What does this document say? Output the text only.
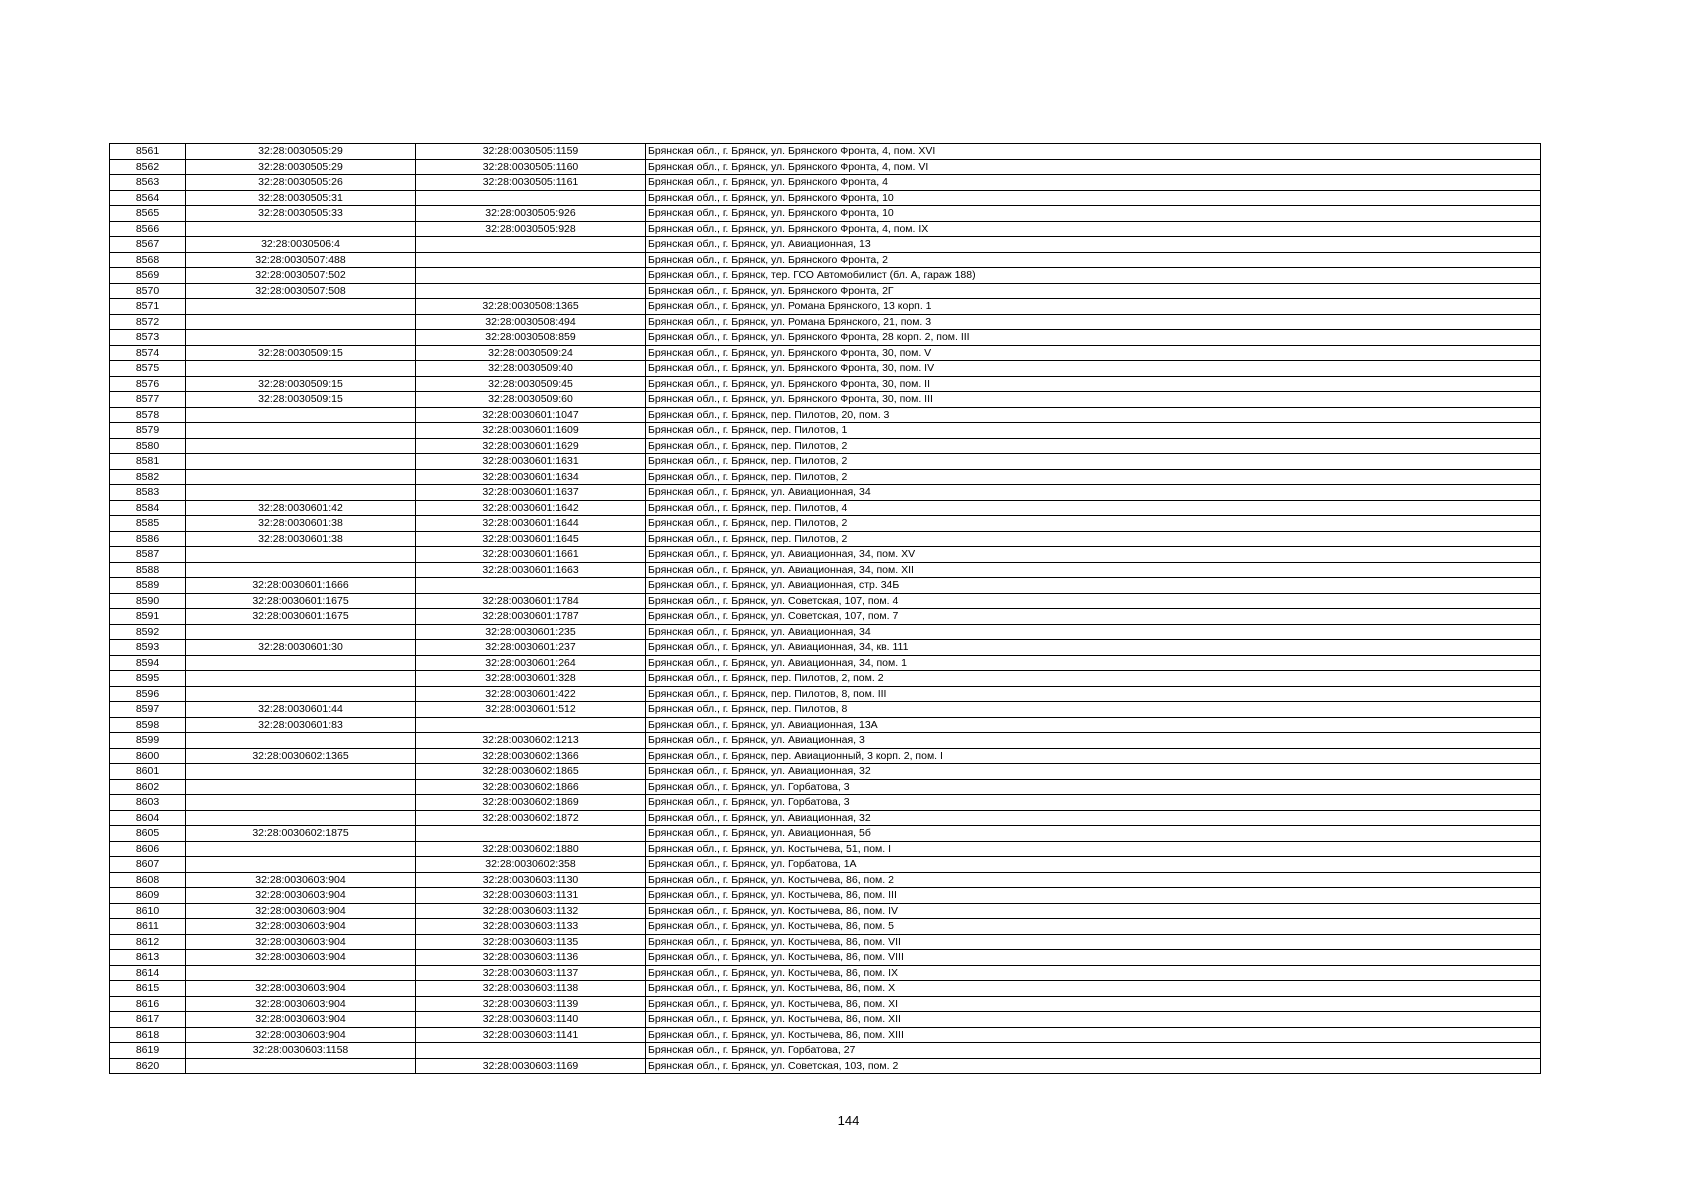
8561	32:28:0030505:29	32:28:0030505:1159	Брянская обл., г. Брянск, ул. Брянского Фронта, 4, пом. XVI
8562	32:28:0030505:29	32:28:0030505:1160	Брянская обл., г. Брянск, ул. Брянского Фронта, 4, пом. VI
8563	32:28:0030505:26	32:28:0030505:1161	Брянская обл., г. Брянск, ул. Брянского Фронта, 4
8564	32:28:0030505:31		Брянская обл., г. Брянск, ул. Брянского Фронта, 10
8565	32:28:0030505:33	32:28:0030505:926	Брянская обл., г. Брянск, ул. Брянского Фронта, 10
8566		32:28:0030505:928	Брянская обл., г. Брянск, ул. Брянского Фронта, 4, пом. IX
8567	32:28:0030506:4		Брянская обл., г. Брянск, ул. Авиационная, 13
8568	32:28:0030507:488		Брянская обл., г. Брянск, ул. Брянского Фронта, 2
8569	32:28:0030507:502		Брянская обл., г. Брянск, тер. ГСО Автомобилист (бл. А, гараж 188)
8570	32:28:0030507:508		Брянская обл., г. Брянск, ул. Брянского Фронта, 2Г
8571		32:28:0030508:1365	Брянская обл., г. Брянск, ул. Романа Брянского, 13 корп. 1
8572		32:28:0030508:494	Брянская обл., г. Брянск, ул. Романа Брянского, 21, пом. 3
8573		32:28:0030508:859	Брянская обл., г. Брянск, ул. Брянского Фронта, 28 корп. 2, пом. III
8574	32:28:0030509:15	32:28:0030509:24	Брянская обл., г. Брянск, ул. Брянского Фронта, 30, пом. V
8575		32:28:0030509:40	Брянская обл., г. Брянск, ул. Брянского Фронта, 30, пом. IV
8576	32:28:0030509:15	32:28:0030509:45	Брянская обл., г. Брянск, ул. Брянского Фронта, 30, пом. II
8577	32:28:0030509:15	32:28:0030509:60	Брянская обл., г. Брянск, ул. Брянского Фронта, 30, пом. III
8578		32:28:0030601:1047	Брянская обл., г. Брянск, пер. Пилотов, 20, пом. 3
8579		32:28:0030601:1609	Брянская обл., г. Брянск, пер. Пилотов, 1
8580		32:28:0030601:1629	Брянская обл., г. Брянск, пер. Пилотов, 2
8581		32:28:0030601:1631	Брянская обл., г. Брянск, пер. Пилотов, 2
8582		32:28:0030601:1634	Брянская обл., г. Брянск, пер. Пилотов, 2
8583		32:28:0030601:1637	Брянская обл., г. Брянск, ул. Авиационная, 34
8584	32:28:0030601:42	32:28:0030601:1642	Брянская обл., г. Брянск, пер. Пилотов, 4
8585	32:28:0030601:38	32:28:0030601:1644	Брянская обл., г. Брянск, пер. Пилотов, 2
8586	32:28:0030601:38	32:28:0030601:1645	Брянская обл., г. Брянск, пер. Пилотов, 2
8587		32:28:0030601:1661	Брянская обл., г. Брянск, ул. Авиационная, 34, пом. XV
8588		32:28:0030601:1663	Брянская обл., г. Брянск, ул. Авиационная, 34, пом. XII
8589	32:28:0030601:1666		Брянская обл., г. Брянск, ул. Авиационная, стр. 34Б
8590	32:28:0030601:1675	32:28:0030601:1784	Брянская обл., г. Брянск, ул. Советская, 107, пом. 4
8591	32:28:0030601:1675	32:28:0030601:1787	Брянская обл., г. Брянск, ул. Советская, 107, пом. 7
8592		32:28:0030601:235	Брянская обл., г. Брянск, ул. Авиационная, 34
8593	32:28:0030601:30	32:28:0030601:237	Брянская обл., г. Брянск, ул. Авиационная, 34, кв. 111
8594		32:28:0030601:264	Брянская обл., г. Брянск, ул. Авиационная, 34, пом. 1
8595		32:28:0030601:328	Брянская обл., г. Брянск, пер. Пилотов, 2, пом. 2
8596		32:28:0030601:422	Брянская обл., г. Брянск, пер. Пилотов, 8, пом. III
8597	32:28:0030601:44	32:28:0030601:512	Брянская обл., г. Брянск, пер. Пилотов, 8
8598	32:28:0030601:83		Брянская обл., г. Брянск, ул. Авиационная, 13А
8599		32:28:0030602:1213	Брянская обл., г. Брянск, ул. Авиационная, 3
8600	32:28:0030602:1365	32:28:0030602:1366	Брянская обл., г. Брянск, пер. Авиационный, 3 корп. 2, пом. I
8601		32:28:0030602:1865	Брянская обл., г. Брянск, ул. Авиационная, 32
8602		32:28:0030602:1866	Брянская обл., г. Брянск, ул. Горбатова, 3
8603		32:28:0030602:1869	Брянская обл., г. Брянск, ул. Горбатова, 3
8604		32:28:0030602:1872	Брянская обл., г. Брянск, ул. Авиационная, 32
8605	32:28:0030602:1875		Брянская обл., г. Брянск, ул. Авиационная, 5б
8606		32:28:0030602:1880	Брянская обл., г. Брянск, ул. Костычева, 51, пом. I
8607		32:28:0030602:358	Брянская обл., г. Брянск, ул. Горбатова, 1А
8608	32:28:0030603:904	32:28:0030603:1130	Брянская обл., г. Брянск, ул. Костычева, 86, пом. 2
8609	32:28:0030603:904	32:28:0030603:1131	Брянская обл., г. Брянск, ул. Костычева, 86, пом. III
8610	32:28:0030603:904	32:28:0030603:1132	Брянская обл., г. Брянск, ул. Костычева, 86, пом. IV
8611	32:28:0030603:904	32:28:0030603:1133	Брянская обл., г. Брянск, ул. Костычева, 86, пом. 5
8612	32:28:0030603:904	32:28:0030603:1135	Брянская обл., г. Брянск, ул. Костычева, 86, пом. VII
8613	32:28:0030603:904	32:28:0030603:1136	Брянская обл., г. Брянск, ул. Костычева, 86, пом. VIII
8614		32:28:0030603:1137	Брянская обл., г. Брянск, ул. Костычева, 86, пом. IX
8615	32:28:0030603:904	32:28:0030603:1138	Брянская обл., г. Брянск, ул. Костычева, 86, пом. X
8616	32:28:0030603:904	32:28:0030603:1139	Брянская обл., г. Брянск, ул. Костычева, 86, пом. XI
8617	32:28:0030603:904	32:28:0030603:1140	Брянская обл., г. Брянск, ул. Костычева, 86, пом. XII
8618	32:28:0030603:904	32:28:0030603:1141	Брянская обл., г. Брянск, ул. Костычева, 86, пом. XIII
8619	32:28:0030603:1158		Брянская обл., г. Брянск, ул. Горбатова, 27
8620		32:28:0030603:1169	Брянская обл., г. Брянск, ул. Советская, 103, пом. 2
144
